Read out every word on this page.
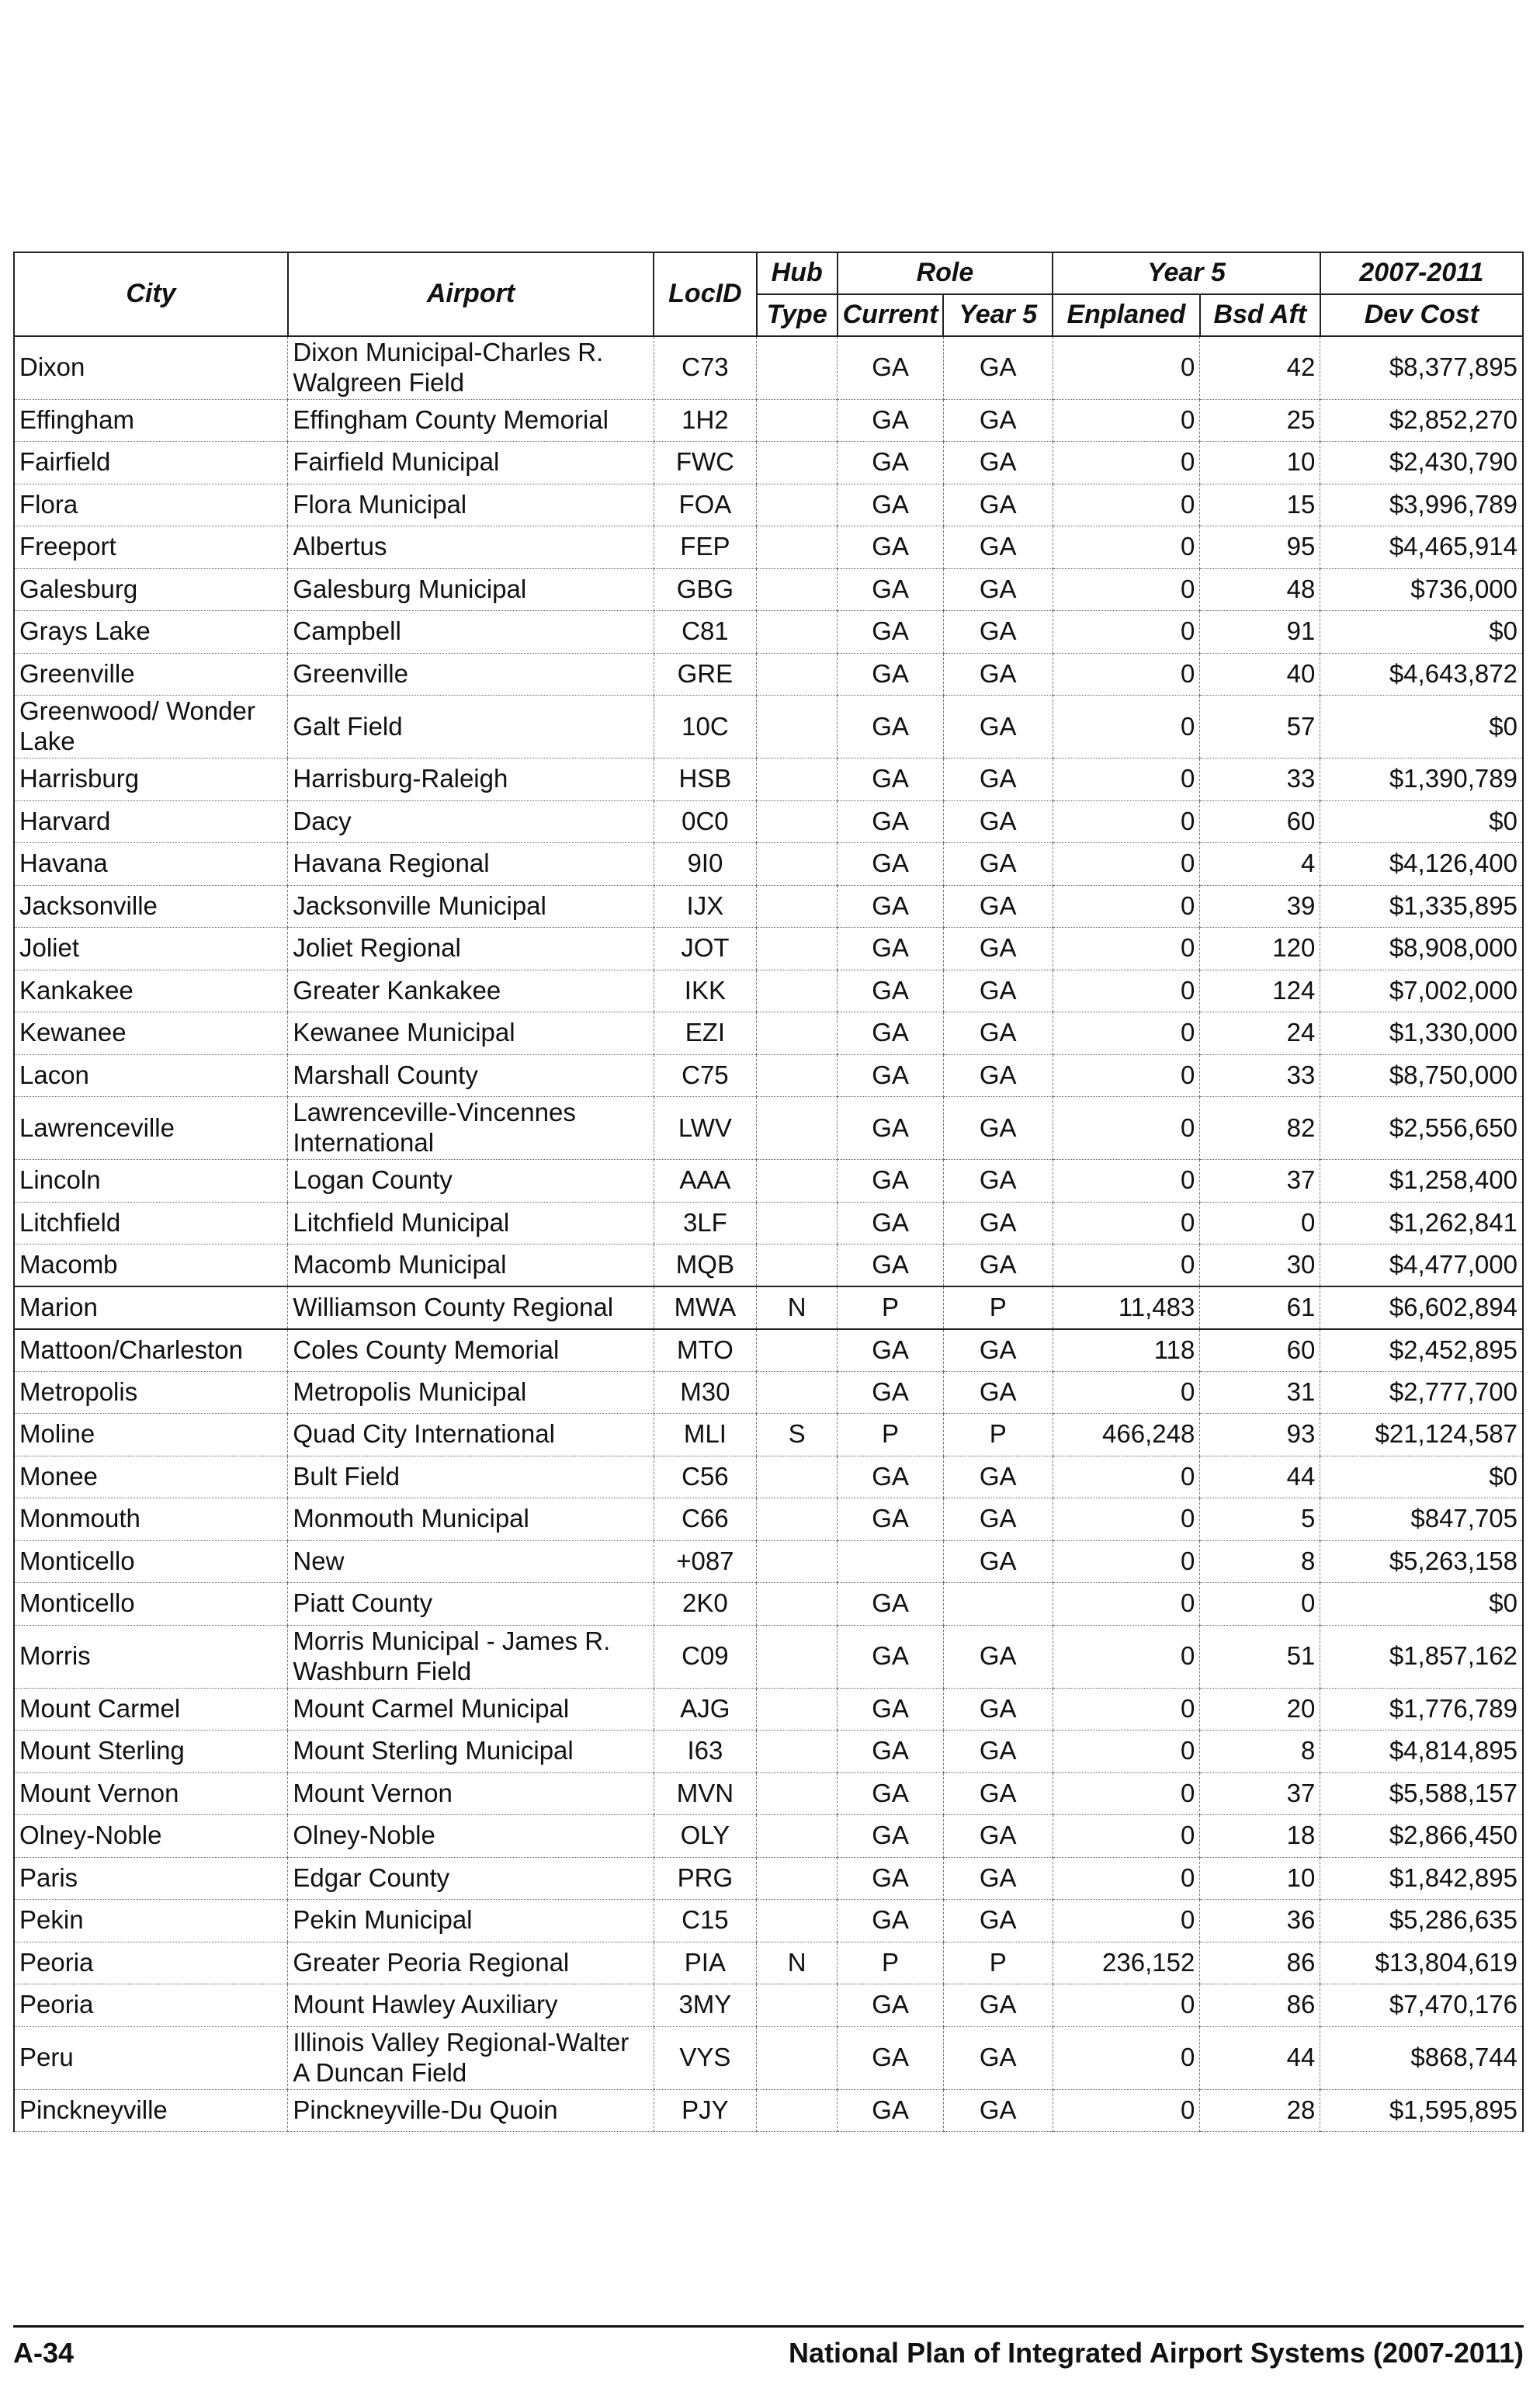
City	Airport	LocID	Hub	Role		Year 5		2007-2011
			Type	Current	Year 5	Enplaned	Bsd Aft	Dev Cost
Dixon	Dixon Municipal-Charles R. Walgreen Field	C73		GA	GA	0	42	$8,377,895
Effingham	Effingham County Memorial	1H2		GA	GA	0	25	$2,852,270
Fairfield	Fairfield Municipal	FWC		GA	GA	0	10	$2,430,790
Flora	Flora Municipal	FOA		GA	GA	0	15	$3,996,789
Freeport	Albertus	FEP		GA	GA	0	95	$4,465,914
Galesburg	Galesburg Municipal	GBG		GA	GA	0	48	$736,000
Grays Lake	Campbell	C81		GA	GA	0	91	$0
Greenville	Greenville	GRE		GA	GA	0	40	$4,643,872
Greenwood/ Wonder Lake	Galt Field	10C		GA	GA	0	57	$0
Harrisburg	Harrisburg-Raleigh	HSB		GA	GA	0	33	$1,390,789
Harvard	Dacy	0C0		GA	GA	0	60	$0
Havana	Havana Regional	9I0		GA	GA	0	4	$4,126,400
Jacksonville	Jacksonville Municipal	IJX		GA	GA	0	39	$1,335,895
Joliet	Joliet Regional	JOT		GA	GA	0	120	$8,908,000
Kankakee	Greater Kankakee	IKK		GA	GA	0	124	$7,002,000
Kewanee	Kewanee Municipal	EZI		GA	GA	0	24	$1,330,000
Lacon	Marshall County	C75		GA	GA	0	33	$8,750,000
Lawrenceville	Lawrenceville-Vincennes International	LWV		GA	GA	0	82	$2,556,650
Lincoln	Logan County	AAA		GA	GA	0	37	$1,258,400
Litchfield	Litchfield Municipal	3LF		GA	GA	0	0	$1,262,841
Macomb	Macomb Municipal	MQB		GA	GA	0	30	$4,477,000
Marion	Williamson County Regional	MWA	N	P	P	11,483	61	$6,602,894
Mattoon/Charleston	Coles County Memorial	MTO		GA	GA	118	60	$2,452,895
Metropolis	Metropolis Municipal	M30		GA	GA	0	31	$2,777,700
Moline	Quad City International	MLI	S	P	P	466,248	93	$21,124,587
Monee	Bult Field	C56		GA	GA	0	44	$0
Monmouth	Monmouth Municipal	C66		GA	GA	0	5	$847,705
Monticello	New	+087			GA	0	8	$5,263,158
Monticello	Piatt County	2K0		GA		0	0	$0
Morris	Morris Municipal - James R. Washburn Field	C09		GA	GA	0	51	$1,857,162
Mount Carmel	Mount Carmel Municipal	AJG		GA	GA	0	20	$1,776,789
Mount Sterling	Mount Sterling Municipal	I63		GA	GA	0	8	$4,814,895
Mount Vernon	Mount Vernon	MVN		GA	GA	0	37	$5,588,157
Olney-Noble	Olney-Noble	OLY		GA	GA	0	18	$2,866,450
Paris	Edgar County	PRG		GA	GA	0	10	$1,842,895
Pekin	Pekin Municipal	C15		GA	GA	0	36	$5,286,635
Peoria	Greater Peoria Regional	PIA	N	P	P	236,152	86	$13,804,619
Peoria	Mount Hawley Auxiliary	3MY		GA	GA	0	86	$7,470,176
Peru	Illinois Valley Regional-Walter A Duncan Field	VYS		GA	GA	0	44	$868,744
Pinckneyville	Pinckneyville-Du Quoin	PJY		GA	GA	0	28	$1,595,895
A-34	National Plan of Integrated Airport Systems (2007-2011)
